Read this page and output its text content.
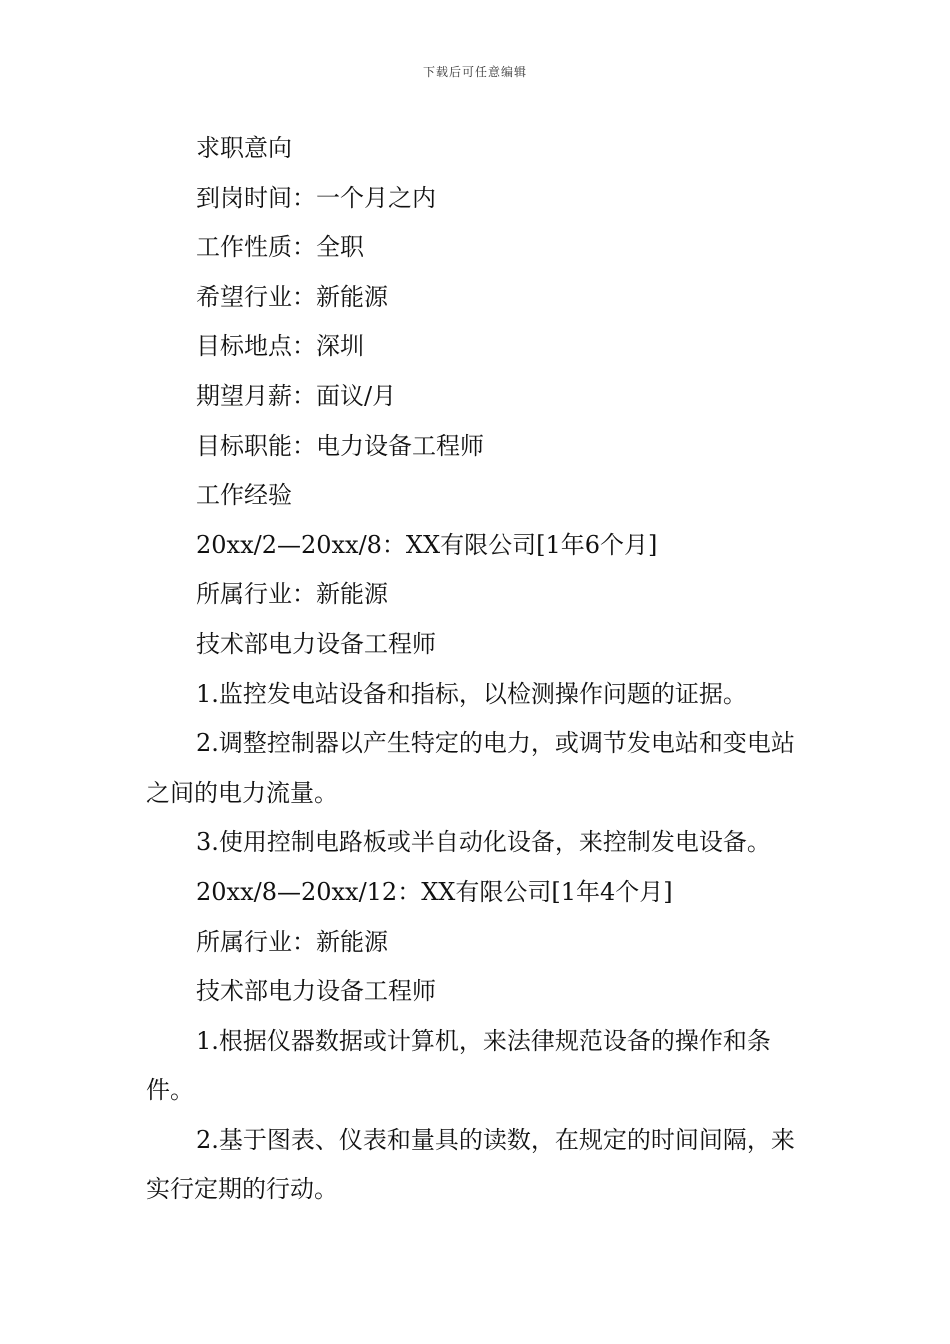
下载后可任意编辑

求职意向

到岗时间：一个月之内

工作性质：全职

希望行业：新能源

目标地点：深圳

期望月薪：面议/月

目标职能：电力设备工程师

工作经验

20xx/2—20xx/8：XX有限公司[1年6个月]

所属行业：新能源

技术部电力设备工程师

1.监控发电站设备和指标，以检测操作问题的证据。

2.调整控制器以产生特定的电力，或调节发电站和变电站之间的电力流量。

3.使用控制电路板或半自动化设备，来控制发电设备。

20xx/8—20xx/12：XX有限公司[1年4个月]

所属行业：新能源

技术部电力设备工程师

1.根据仪器数据或计算机，来法律规范设备的操作和条件。

2.基于图表、仪表和量具的读数，在规定的时间间隔，来实行定期的行动。
